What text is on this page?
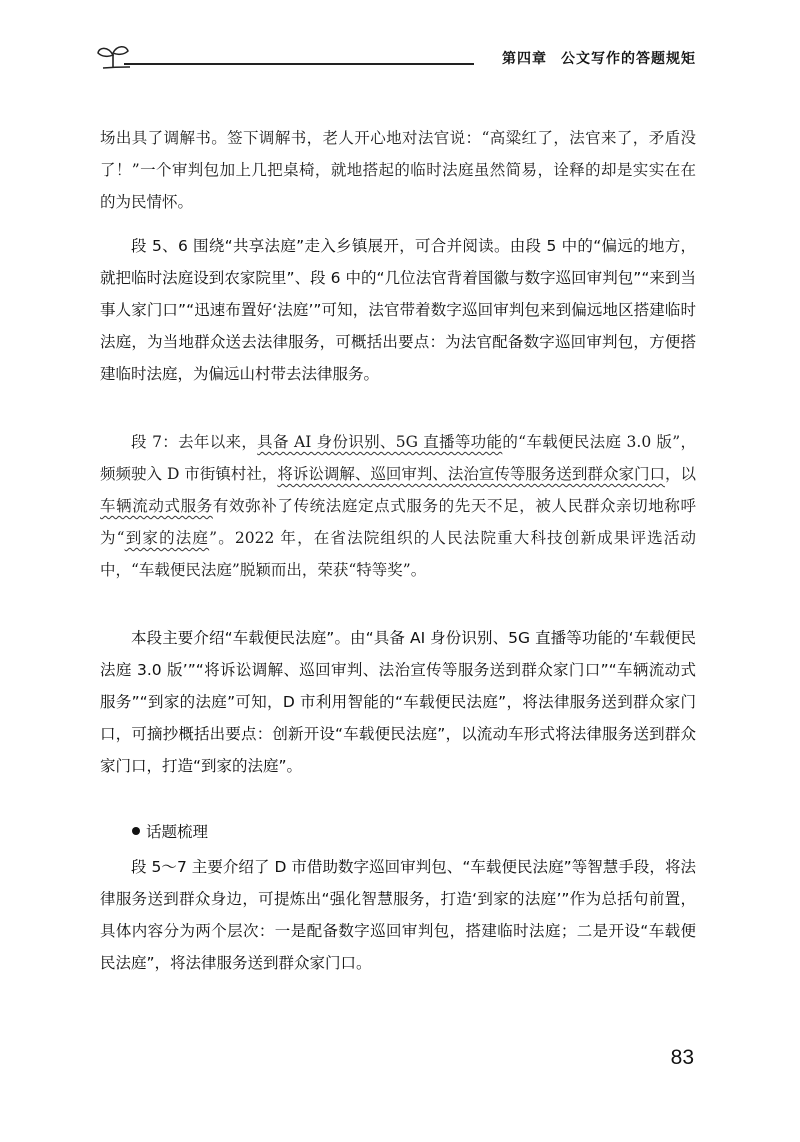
第四章 公文写作的答题规矩

场出具了调解书。签下调解书，老人开心地对法官说：“高粱红了，法官来了，矛盾没了！”一个审判包加上几把桌椅，就地搭起的临时法庭虽然简易，诠释的却是实实在在的为民情怀。

段 5、6 围绕“共享法庭”走入乡镇展开，可合并阅读。由段 5 中的“偏远的地方，就把临时法庭设到农家院里”、段 6 中的“几位法官背着国徽与数字巡回审判包”“来到当事人家门口”“迅速布置好‘法庭’”可知，法官带着数字巡回审判包来到偏远地区搭建临时法庭，为当地群众送去法律服务，可概括出要点：为法官配备数字巡回审判包，方便搭建临时法庭，为偏远山村带去法律服务。

段 7：去年以来，具备 AI 身份识别、5G 直播等功能的“车载便民法庭 3.0 版”，频频驶入 D 市街镇村社，将诉讼调解、巡回审判、法治宣传等服务送到群众家门口，以车辆流动式服务有效弥补了传统法庭定点式服务的先天不足，被人民群众亲切地称呼为“到家的法庭”。2022 年，在省法院组织的人民法院重大科技创新成果评选活动中，“车载便民法庭”脱颖而出，荣获“特等奖”。

本段主要介绍“车载便民法庭”。由“具备 AI 身份识别、5G 直播等功能的‘车载便民法庭 3.0 版’”“将诉讼调解、巡回审判、法治宣传等服务送到群众家门口”“车辆流动式服务”“到家的法庭”可知，D 市利用智能的“车载便民法庭”，将法律服务送到群众家门口，可摘抄概括出要点：创新开设“车载便民法庭”，以流动车形式将法律服务送到群众家门口，打造“到家的法庭”。

话题梳理

段 5～7 主要介绍了 D 市借助数字巡回审判包、“车载便民法庭”等智慧手段，将法律服务送到群众身边，可提炼出“强化智慧服务，打造‘到家的法庭’”作为总括句前置，具体内容分为两个层次：一是配备数字巡回审判包，搭建临时法庭；二是开设“车载便民法庭”，将法律服务送到群众家门口。

83
